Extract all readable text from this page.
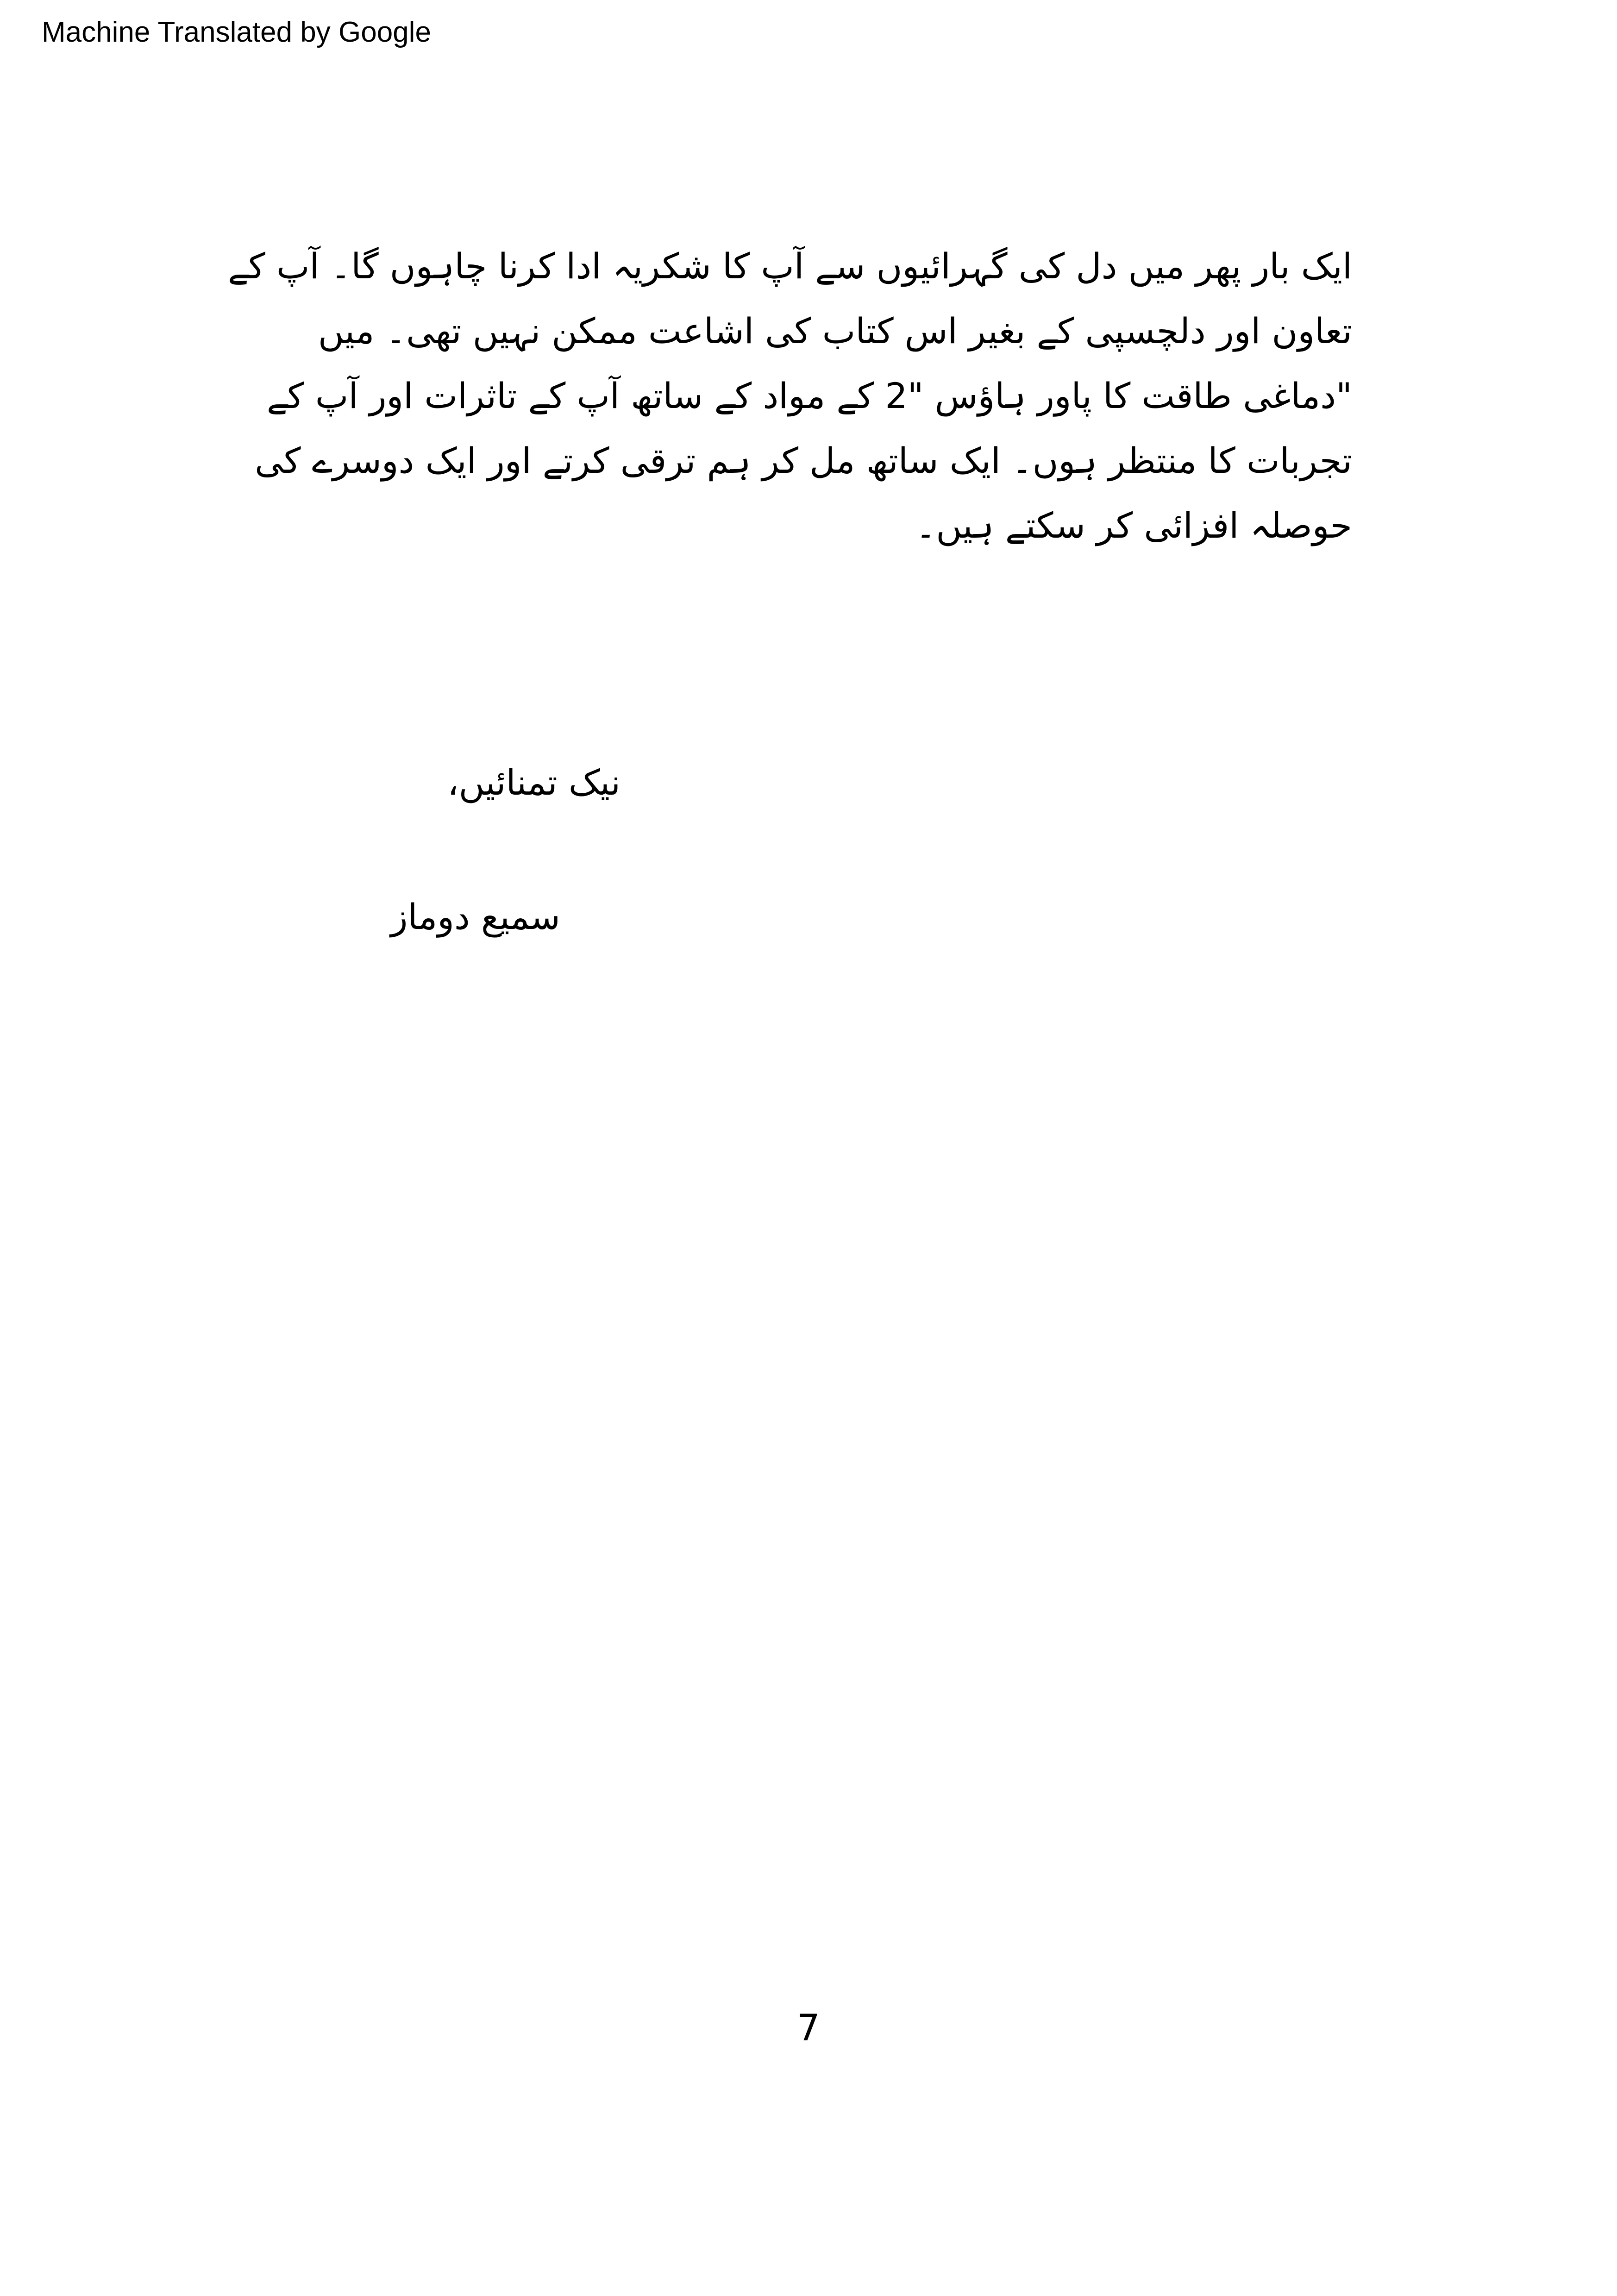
Machine Translated by Google
ایک بار پھر میں دل کی گہرائیوں سے آپ کا شکریہ ادا کرنا چاہوں گا۔ آپ کے
تعاون اور دلچسپی کے بغیر اس کتاب کی اشاعت ممکن نہیں تھی۔ میں
"دماغی طاقت کا پاور ہاؤس "2 کے مواد کے ساتھ آپ کے تاثرات اور آپ کے
تجربات کا منتظر ہوں۔ ایک ساتھ مل کر ہم ترقی کرتے اور ایک دوسرے کی
حوصلہ افزائی کر سکتے ہیں۔
نیک تمنائیں،
سمیع دوماز
7
